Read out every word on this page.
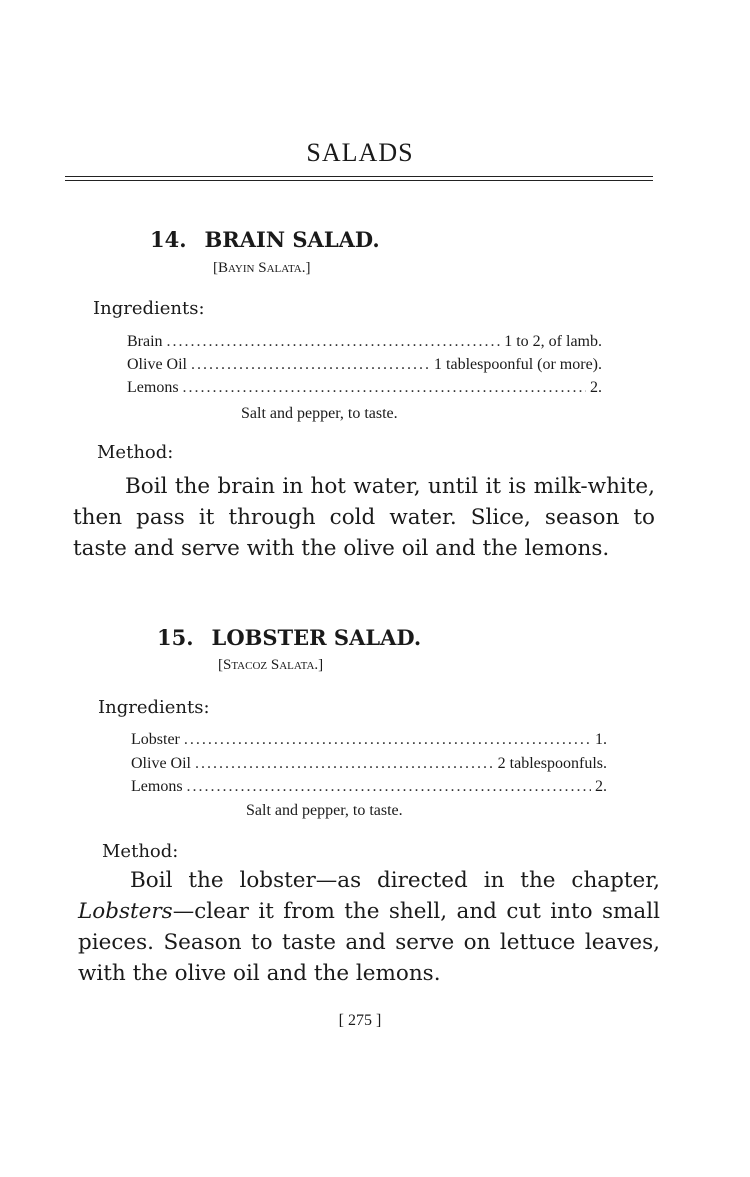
SALADS
14. BRAIN SALAD.
[Bayin Salata.]
Ingredients:
Brain .....	1 to 2, of lamb.
Olive Oil .....	1 tablespoonful (or more).
Lemons .....	2.
Salt and pepper, to taste.
Method:

Boil the brain in hot water, until it is milk-white, then pass it through cold water. Slice, season to taste and serve with the olive oil and the lemons.

15. LOBSTER SALAD.
[Stacoz Salata.]
Ingredients:
Lobster .....	1.
Olive Oil .....	2 tablespoonfuls.
Lemons .....	2.
Salt and pepper, to taste.
Method:

Boil the lobster—as directed in the chapter, Lobsters—clear it from the shell, and cut into small pieces. Season to taste and serve on lettuce leaves, with the olive oil and the lemons.

[ 275 ]
